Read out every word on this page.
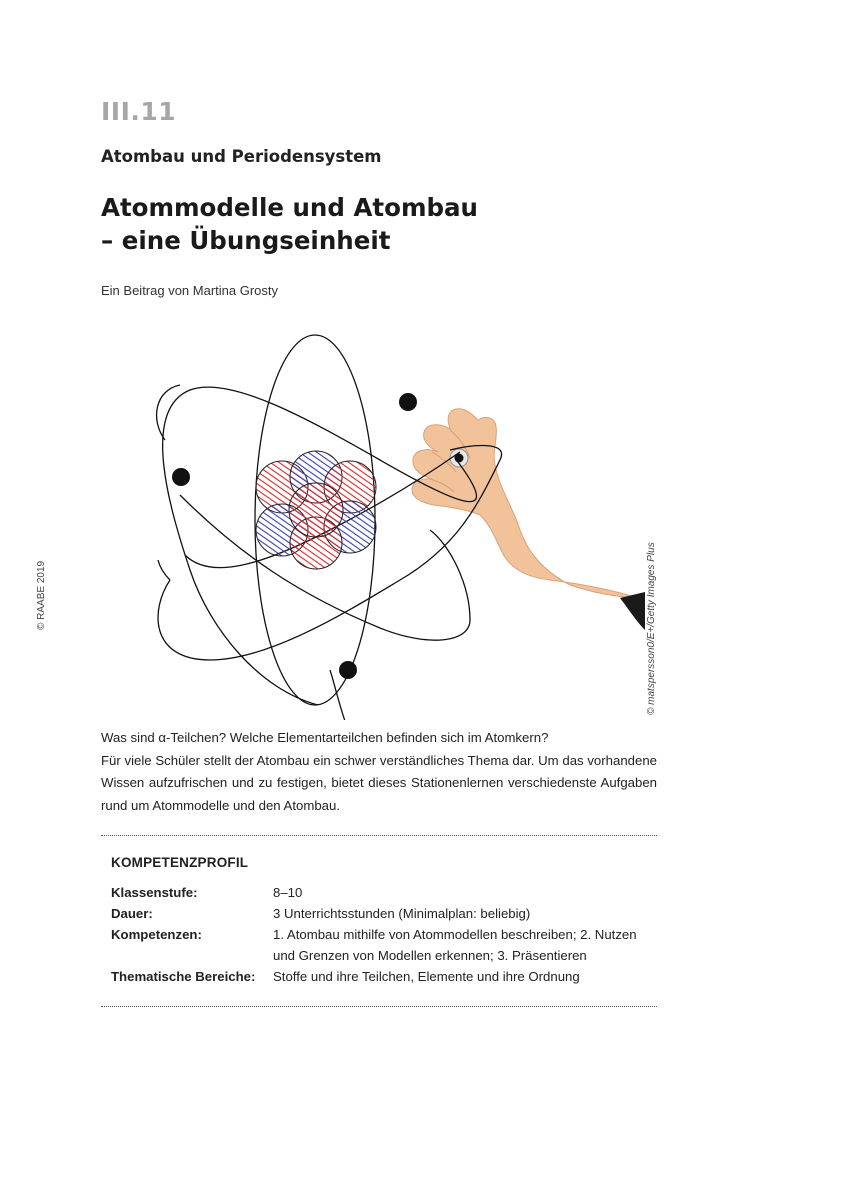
III.11
Atombau und Periodensystem
Atommodelle und Atombau
– eine Übungseinheit
Ein Beitrag von Martina Grosty
© RAABE 2019	© matspersson0/E+/Getty Images Plus

Was sind α-Teilchen? Welche Elementarteilchen befinden sich im Atomkern?

Für viele Schüler stellt der Atombau ein schwer verständliches Thema dar. Um das vorhandene Wissen aufzufrischen und zu festigen, bietet dieses Stationenlernen verschiedenste Aufgaben rund um Atommodelle und den Atombau.

KOMPETENZPROFIL
Klassenstufe:	8–10
Dauer:	3 Unterrichtsstunden (Minimalplan: beliebig)
Kompetenzen:	1. Atombau mithilfe von Atommodellen beschreiben; 2. Nutzen und Grenzen von Modellen erkennen; 3. Präsentieren
Thematische Bereiche:	Stoffe und ihre Teilchen, Elemente und ihre Ordnung
